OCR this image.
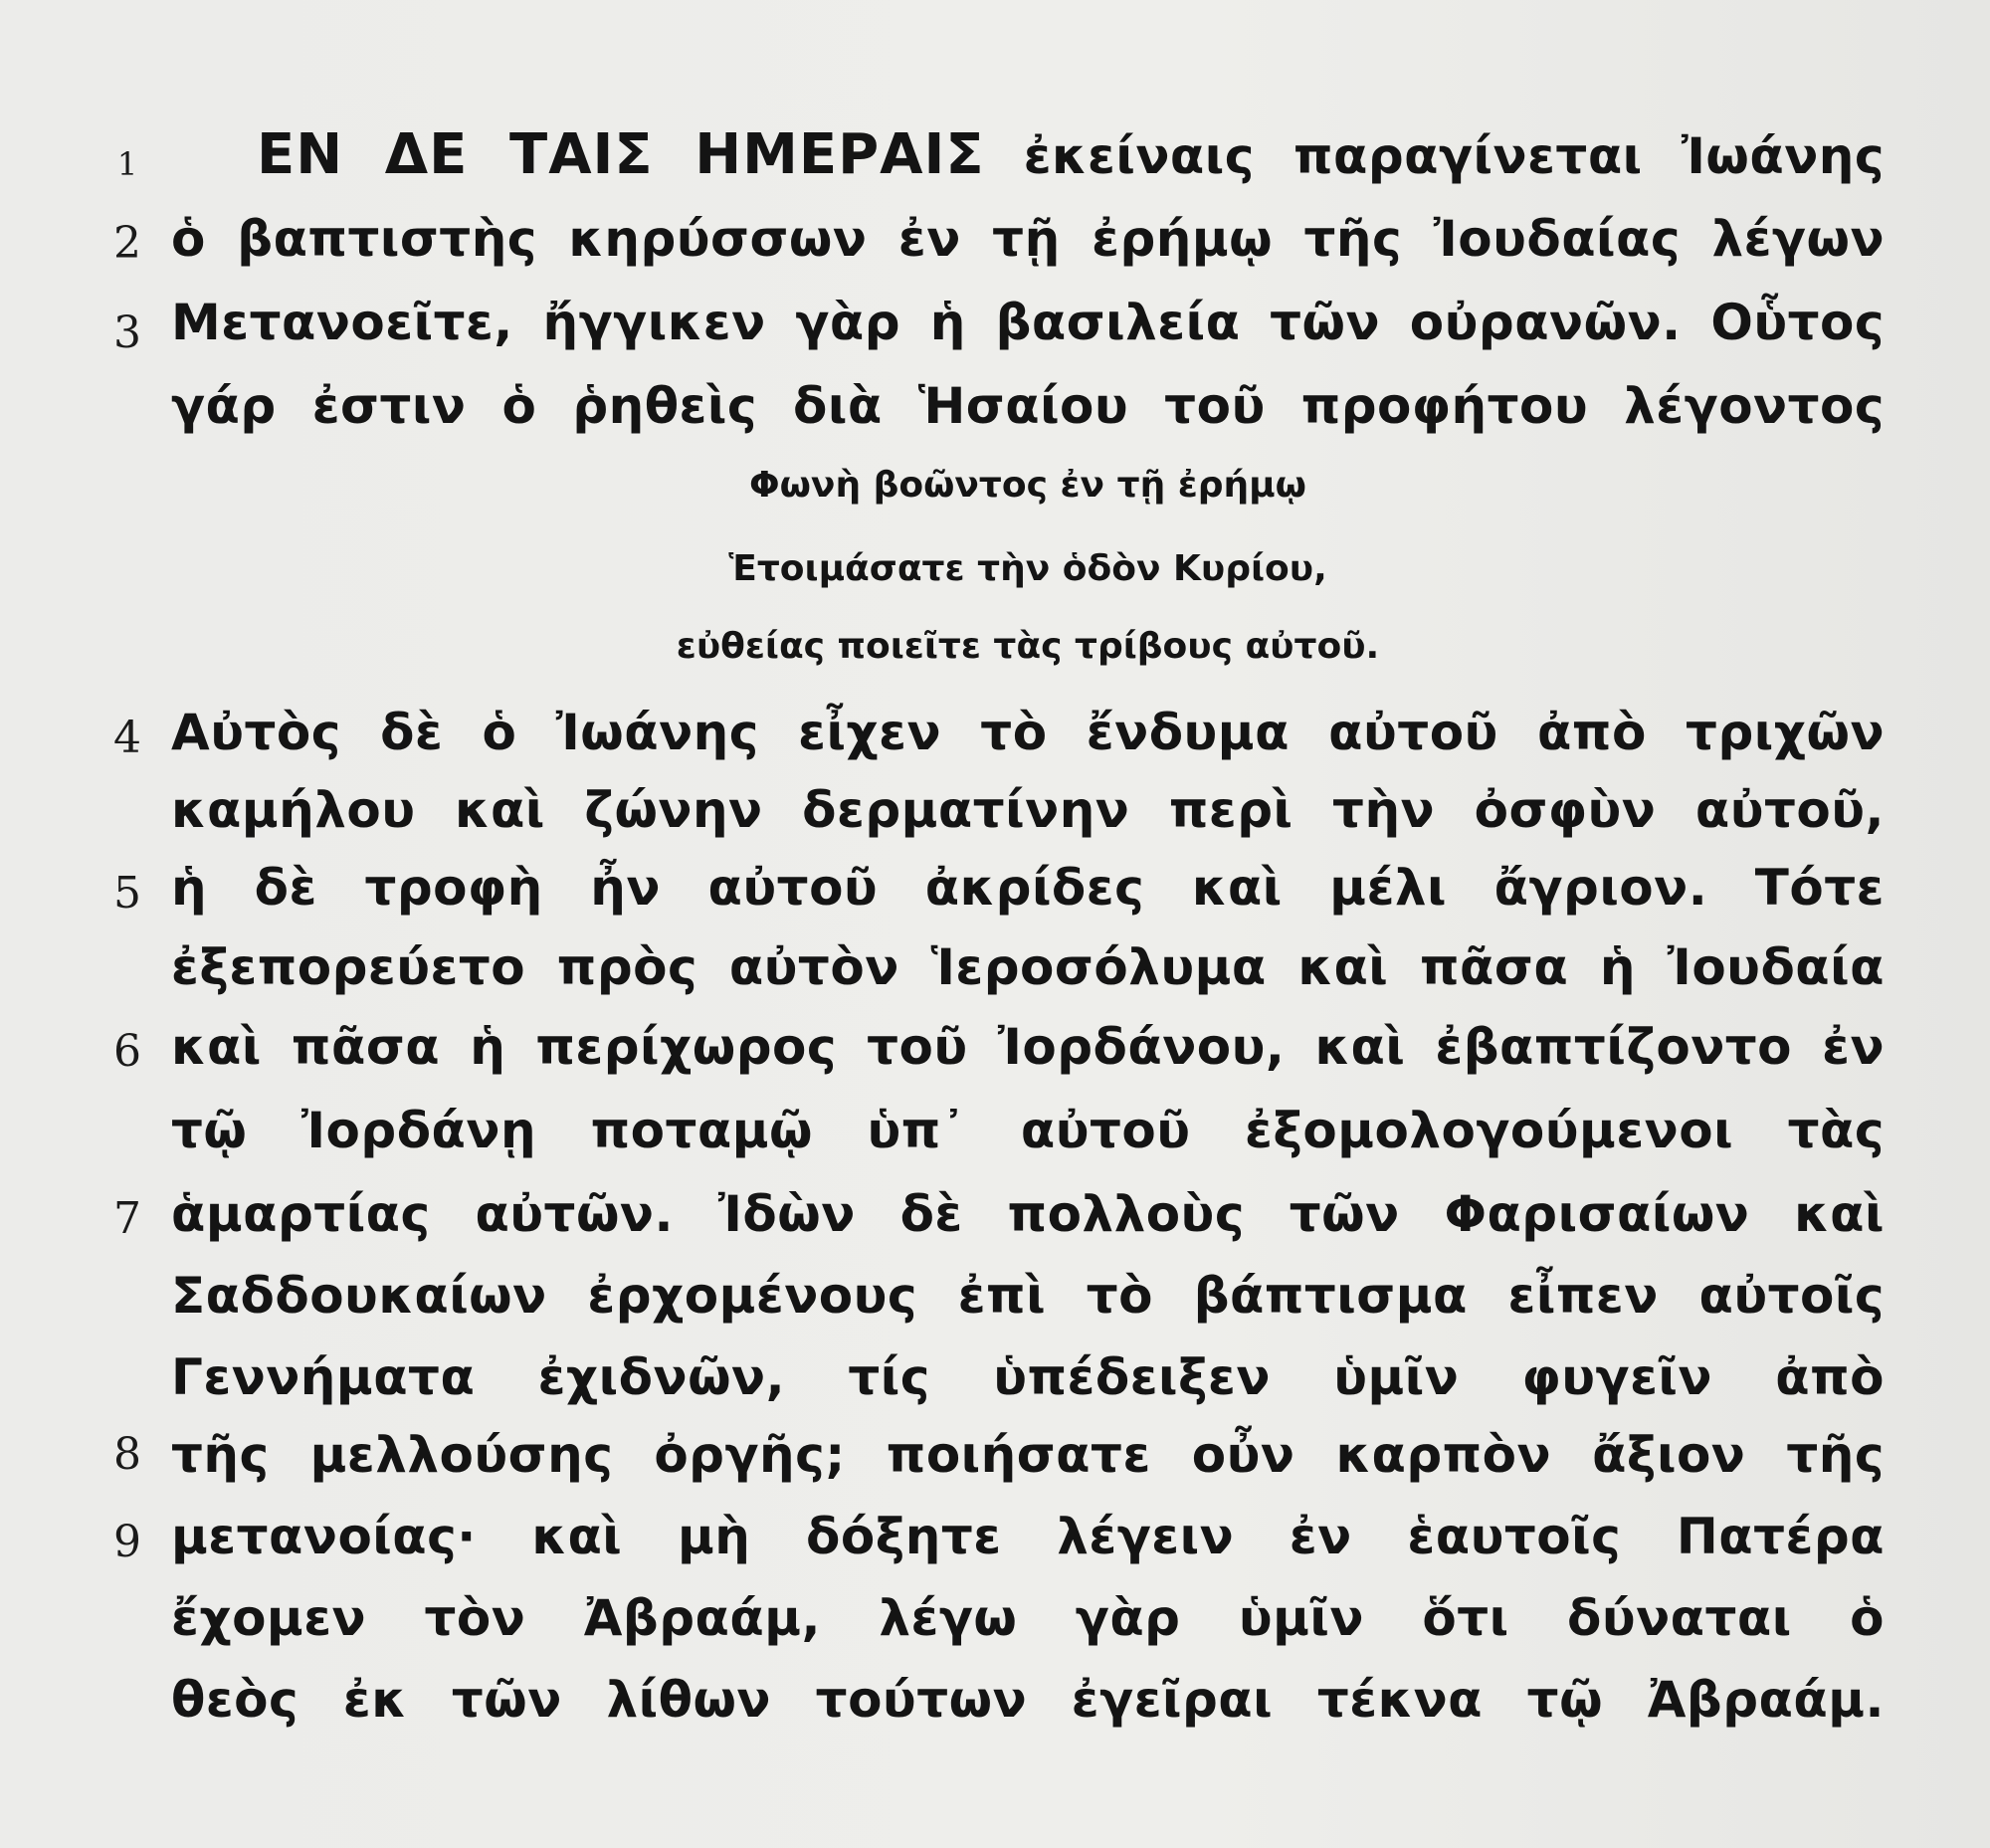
1
2
3
4
5
6
7
8
9
ΕΝ ΔΕ ΤΑΙΣ ΗΜΕΡΑΙΣ ἐκείναις παραγίνεται Ἰωάνης
ὁ βαπτιστὴς κηρύσσων ἐν τῇ ἐρήμῳ τῆς Ἰουδαίας λέγων
Μετανοεῖτε, ἤγγικεν γὰρ ἡ βασιλεία τῶν οὐρανῶν. Οὗτος
γάρ ἐστιν ὁ ῥηθεὶς διὰ Ἡσαίου τοῦ προφήτου λέγοντος
Φωνὴ βοῶντος ἐν τῇ ἐρήμῳ
Ἑτοιμάσατε τὴν ὁδὸν Κυρίου,
εὐθείας ποιεῖτε τὰς τρίβους αὐτοῦ.
Αὐτὸς δὲ ὁ Ἰωάνης εἶχεν τὸ ἔνδυμα αὐτοῦ ἀπὸ τριχῶν
καμήλου καὶ ζώνην δερματίνην περὶ τὴν ὀσφὺν αὐτοῦ,
ἡ δὲ τροφὴ ἦν αὐτοῦ ἀκρίδες καὶ μέλι ἄγριον. Τότε
ἐξεπορεύετο πρὸς αὐτὸν Ἱεροσόλυμα καὶ πᾶσα ἡ Ἰουδαία
καὶ πᾶσα ἡ περίχωρος τοῦ Ἰορδάνου, καὶ ἐβαπτίζοντο ἐν
τῷ Ἰορδάνῃ ποταμῷ ὑπ᾽ αὐτοῦ ἐξομολογούμενοι τὰς
ἁμαρτίας αὐτῶν. Ἰδὼν δὲ πολλοὺς τῶν Φαρισαίων καὶ
Σαδδουκαίων ἐρχομένους ἐπὶ τὸ βάπτισμα εἶπεν αὐτοῖς
Γεννήματα ἐχιδνῶν, τίς ὑπέδειξεν ὑμῖν φυγεῖν ἀπὸ
τῆς μελλούσης ὀργῆς; ποιήσατε οὖν καρπὸν ἄξιον τῆς
μετανοίας· καὶ μὴ δόξητε λέγειν ἐν ἑαυτοῖς Πατέρα
ἔχομεν τὸν Ἀβραάμ, λέγω γὰρ ὑμῖν ὅτι δύναται ὁ
θεὸς ἐκ τῶν λίθων τούτων ἐγεῖραι τέκνα τῷ Ἀβραάμ.
